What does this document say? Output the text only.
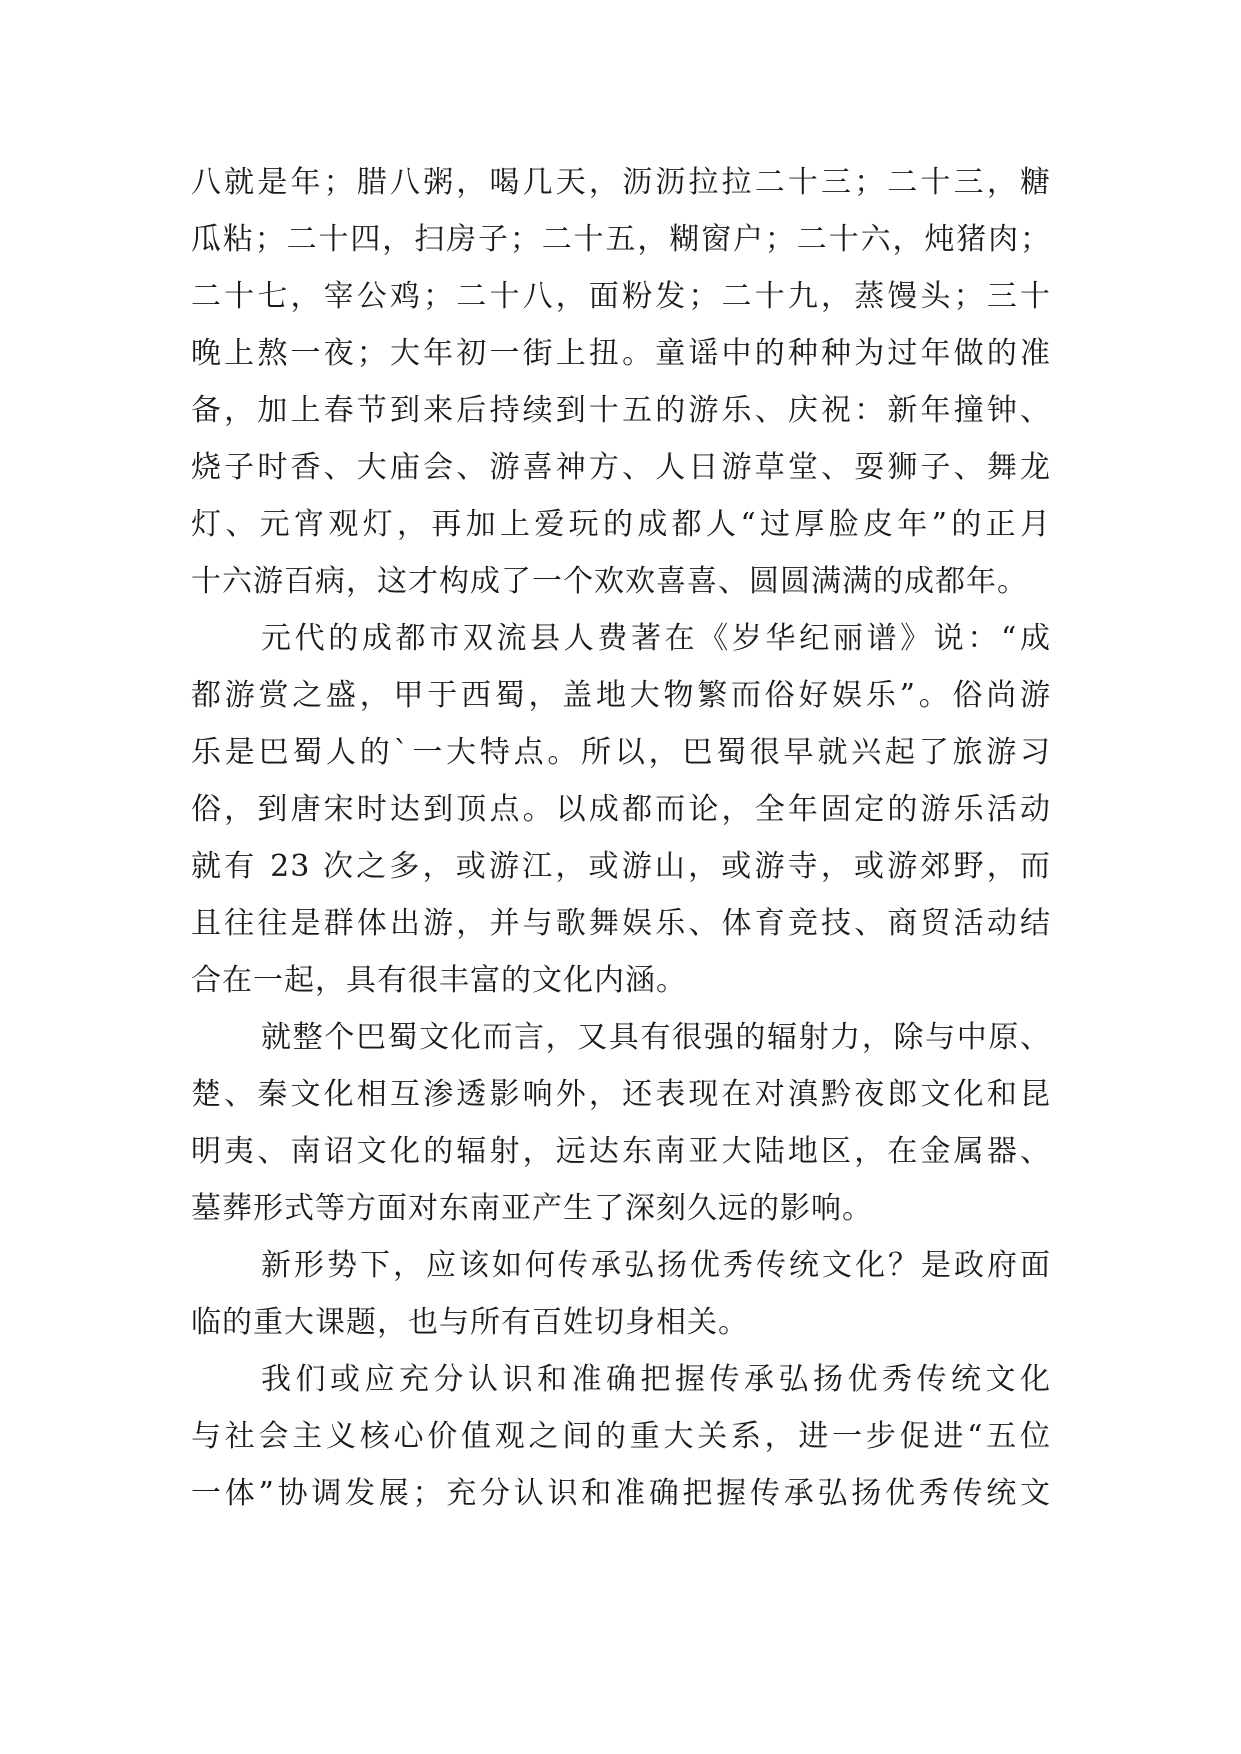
八就是年；腊八粥，喝几天，沥沥拉拉二十三；二十三，糖
瓜粘；二十四，扫房子；二十五，糊窗户；二十六，炖猪肉；
二十七，宰公鸡；二十八，面粉发；二十九，蒸馒头；三十
晚上熬一夜；大年初一街上扭。童谣中的种种为过年做的准
备，加上春节到来后持续到十五的游乐、庆祝：新年撞钟、
烧子时香、大庙会、游喜神方、人日游草堂、耍狮子、舞龙
灯、元宵观灯，再加上爱玩的成都人“过厚脸皮年”的正月
十六游百病，这才构成了一个欢欢喜喜、圆圆满满的成都年。
元代的成都市双流县人费著在《岁华纪丽谱》说：“成
都游赏之盛，甲于西蜀，盖地大物繁而俗好娱乐”。俗尚游
乐是巴蜀人的`一大特点。所以，巴蜀很早就兴起了旅游习
俗，到唐宋时达到顶点。以成都而论，全年固定的游乐活动
就有 23 次之多，或游江，或游山，或游寺，或游郊野，而
且往往是群体出游，并与歌舞娱乐、体育竞技、商贸活动结
合在一起，具有很丰富的文化内涵。
就整个巴蜀文化而言，又具有很强的辐射力，除与中原、
楚、秦文化相互渗透影响外，还表现在对滇黔夜郎文化和昆
明夷、南诏文化的辐射，远达东南亚大陆地区，在金属器、
墓葬形式等方面对东南亚产生了深刻久远的影响。
新形势下，应该如何传承弘扬优秀传统文化？是政府面
临的重大课题，也与所有百姓切身相关。
我们或应充分认识和准确把握传承弘扬优秀传统文化
与社会主义核心价值观之间的重大关系，进一步促进“五位
一体”协调发展；充分认识和准确把握传承弘扬优秀传统文
